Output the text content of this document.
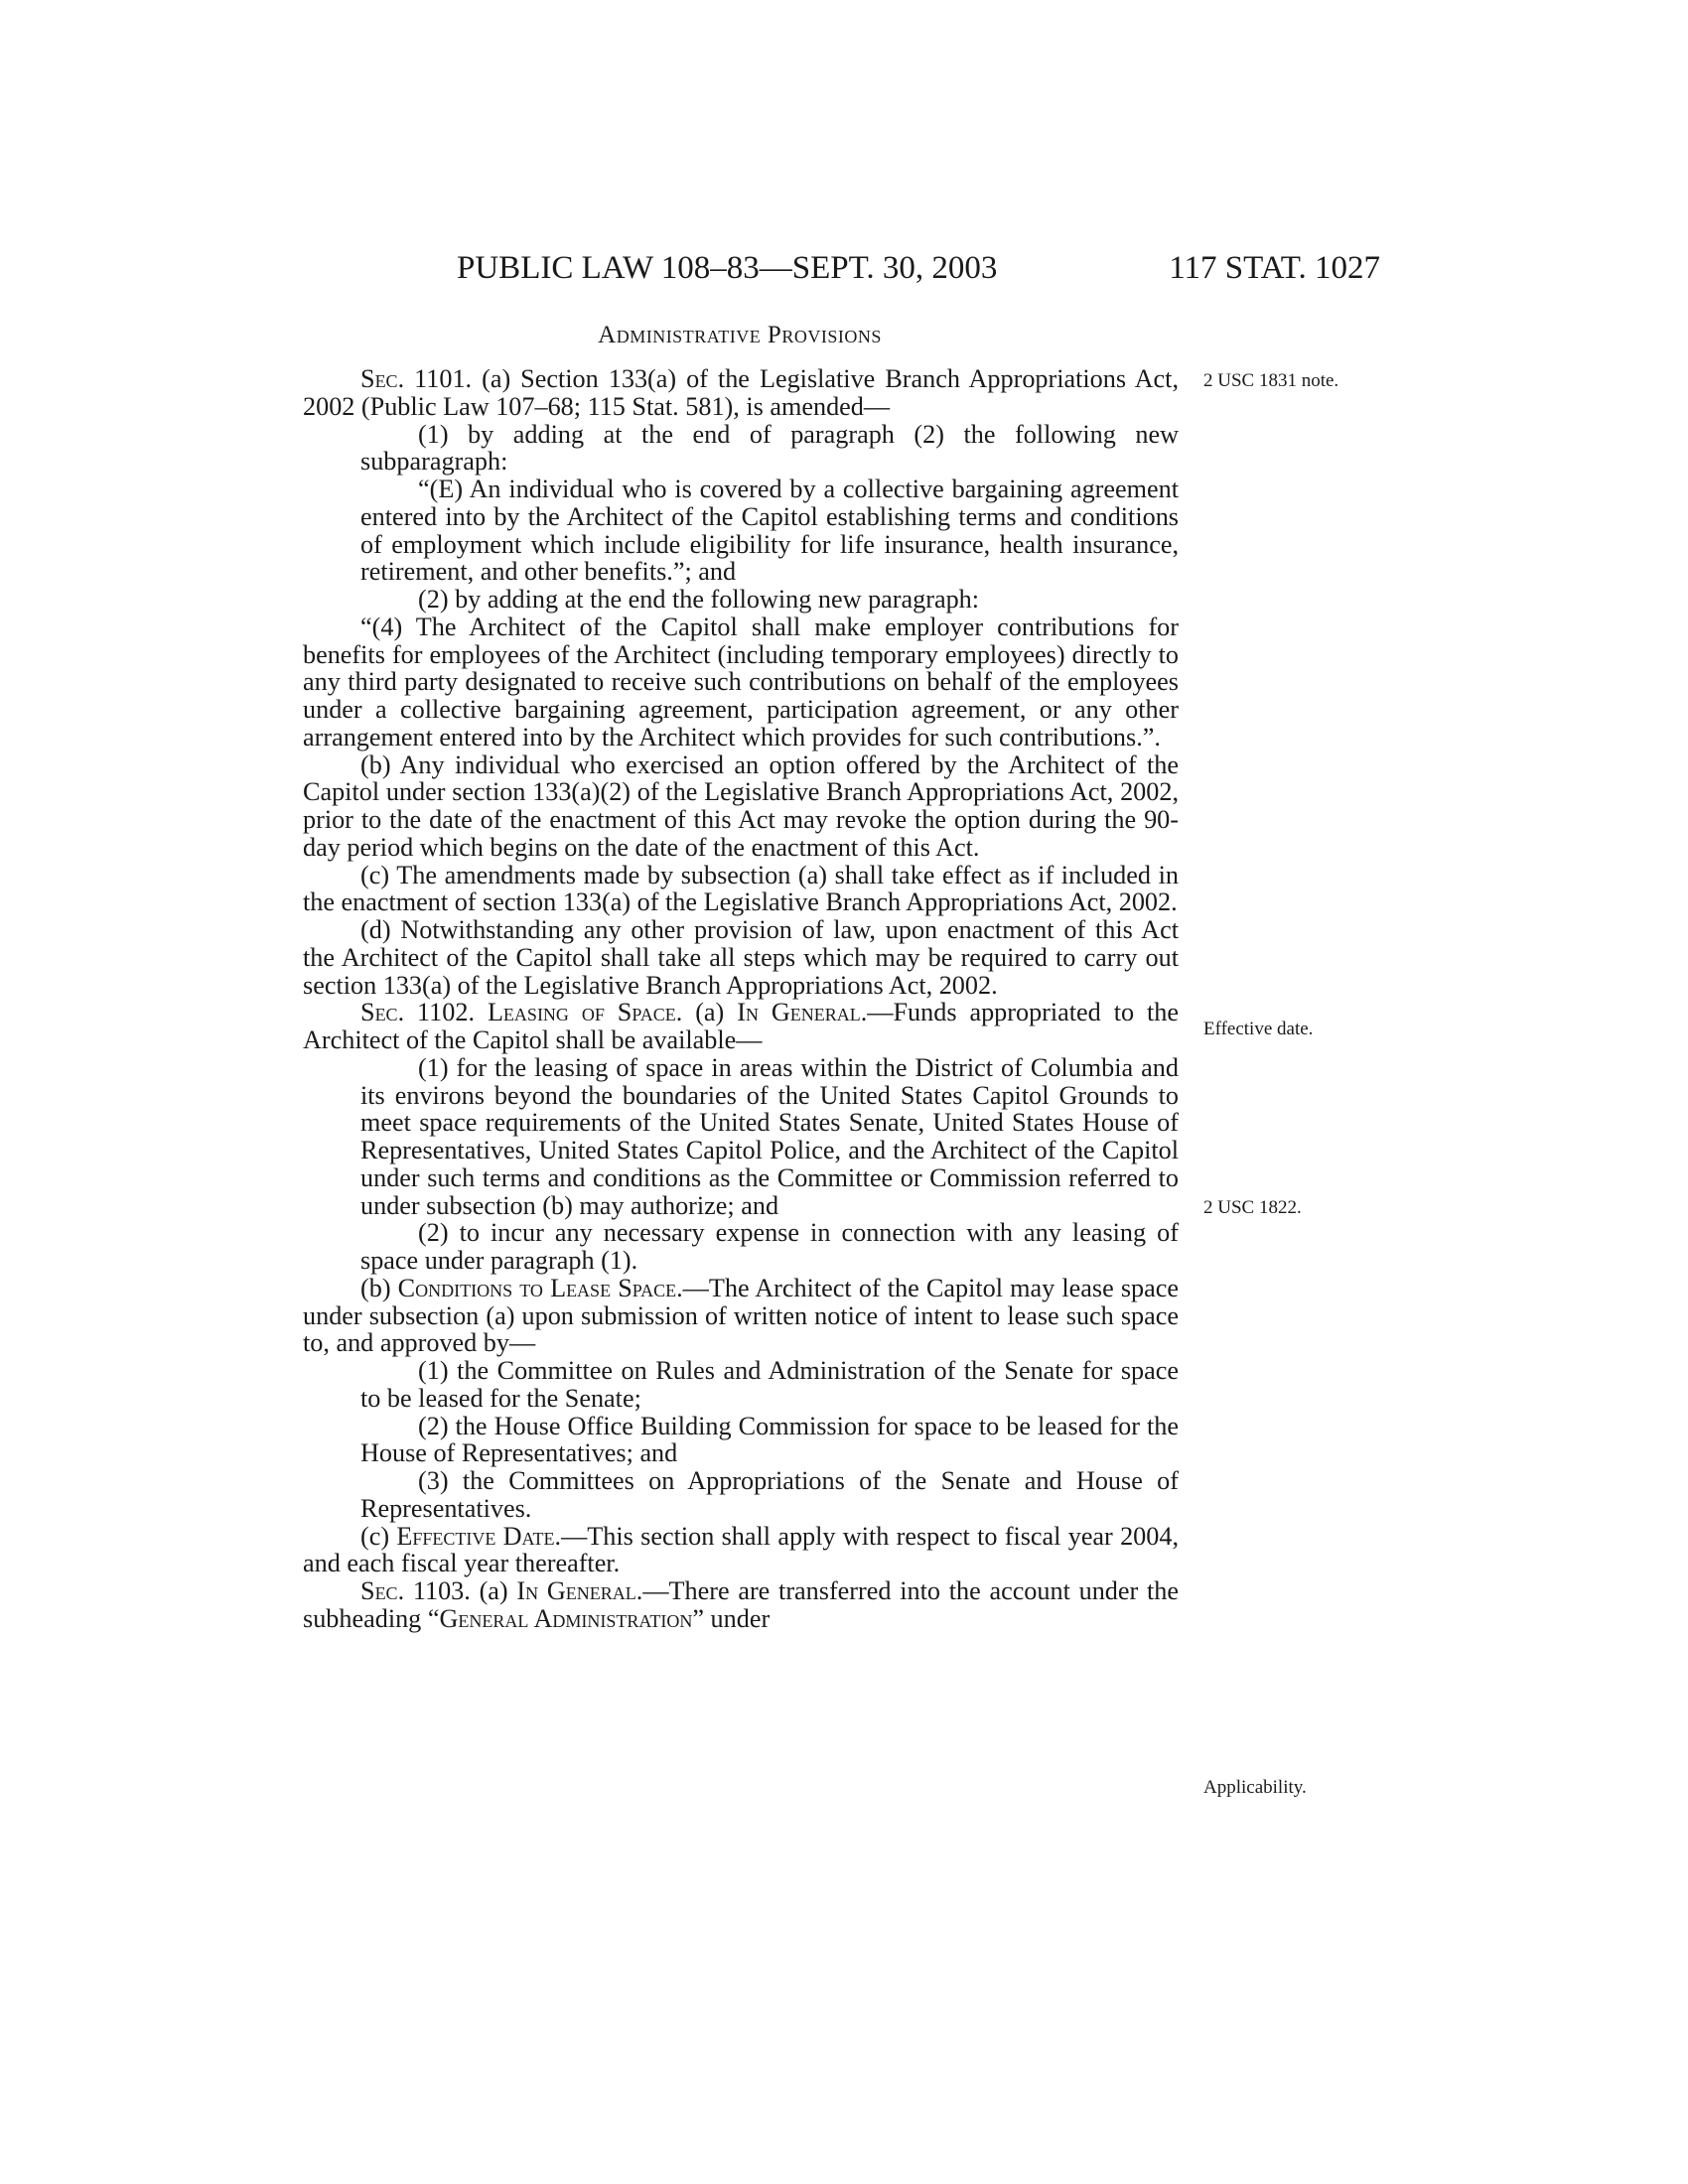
PUBLIC LAW 108–83—SEPT. 30, 2003	117 STAT. 1027
Administrative Provisions
2 USC 1831 note.
Effective date.
2 USC 1822.
Applicability.

Sec. 1101. (a) Section 133(a) of the Legislative Branch Appropriations Act, 2002 (Public Law 107–68; 115 Stat. 581), is amended—

(1) by adding at the end of paragraph (2) the following new subparagraph:

“(E) An individual who is covered by a collective bargaining agreement entered into by the Architect of the Capitol establishing terms and conditions of employment which include eligibility for life insurance, health insurance, retirement, and other benefits.”; and

(2) by adding at the end the following new paragraph:

“(4) The Architect of the Capitol shall make employer contributions for benefits for employees of the Architect (including temporary employees) directly to any third party designated to receive such contributions on behalf of the employees under a collective bargaining agreement, participation agreement, or any other arrangement entered into by the Architect which provides for such contributions.”.

(b) Any individual who exercised an option offered by the Architect of the Capitol under section 133(a)(2) of the Legislative Branch Appropriations Act, 2002, prior to the date of the enactment of this Act may revoke the option during the 90-day period which begins on the date of the enactment of this Act.

(c) The amendments made by subsection (a) shall take effect as if included in the enactment of section 133(a) of the Legislative Branch Appropriations Act, 2002.

(d) Notwithstanding any other provision of law, upon enactment of this Act the Architect of the Capitol shall take all steps which may be required to carry out section 133(a) of the Legislative Branch Appropriations Act, 2002.

Sec. 1102. Leasing of Space. (a) In General.—Funds appropriated to the Architect of the Capitol shall be available—

(1) for the leasing of space in areas within the District of Columbia and its environs beyond the boundaries of the United States Capitol Grounds to meet space requirements of the United States Senate, United States House of Representatives, United States Capitol Police, and the Architect of the Capitol under such terms and conditions as the Committee or Commission referred to under subsection (b) may authorize; and

(2) to incur any necessary expense in connection with any leasing of space under paragraph (1).

(b) Conditions to Lease Space.—The Architect of the Capitol may lease space under subsection (a) upon submission of written notice of intent to lease such space to, and approved by—

(1) the Committee on Rules and Administration of the Senate for space to be leased for the Senate;

(2) the House Office Building Commission for space to be leased for the House of Representatives; and

(3) the Committees on Appropriations of the Senate and House of Representatives.

(c) Effective Date.—This section shall apply with respect to fiscal year 2004, and each fiscal year thereafter.

Sec. 1103. (a) In General.—There are transferred into the account under the subheading “General Administration” under
